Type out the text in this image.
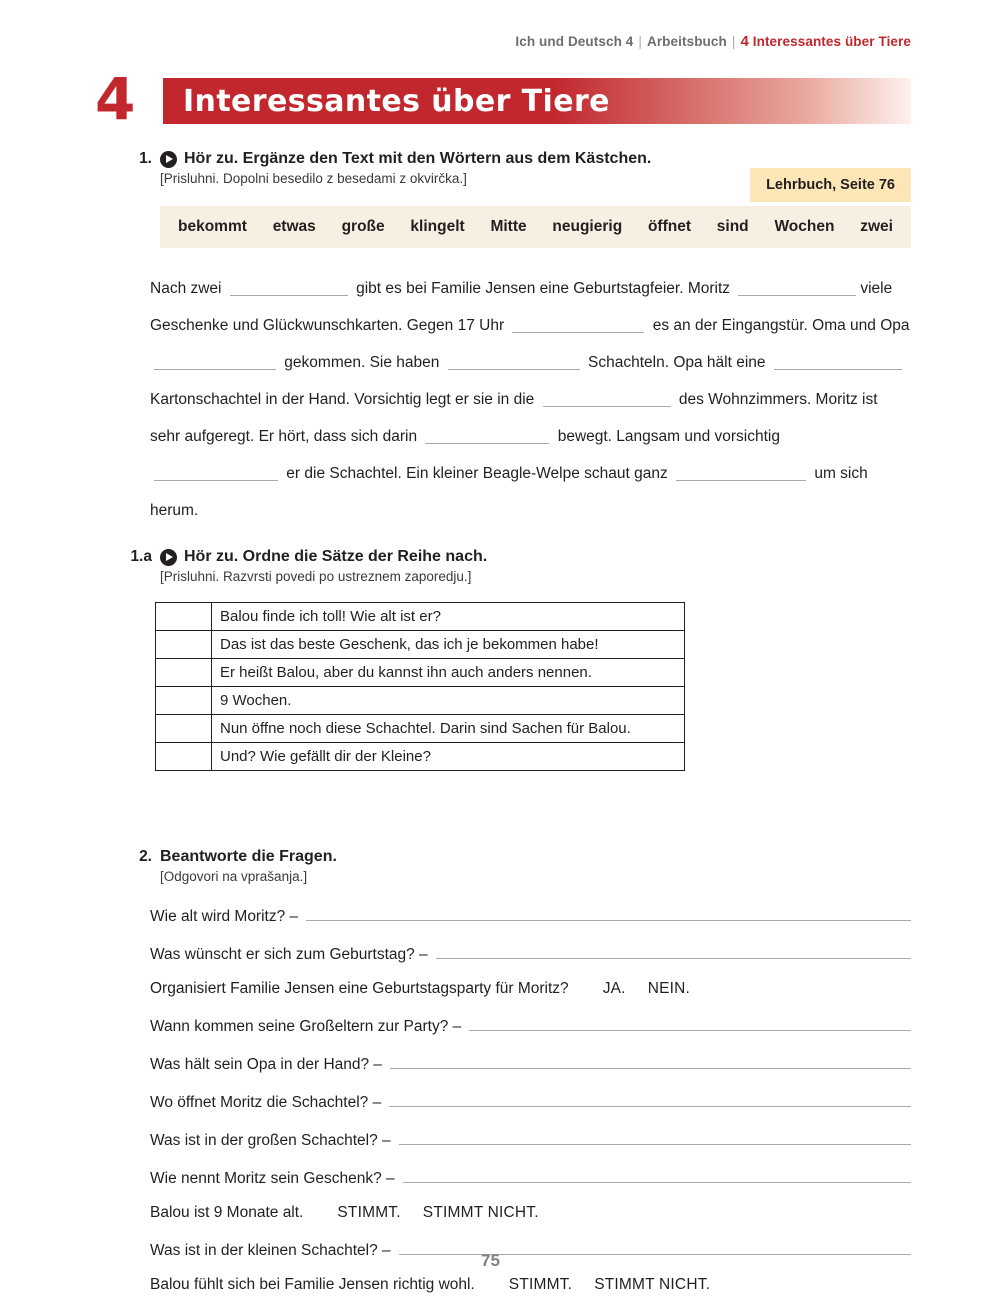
Ich und Deutsch 4 | Arbeitsbuch | 4 Interessantes über Tiere
4	Interessantes über Tiere
Lehrbuch, Seite 76
1. Hör zu. Ergänze den Text mit den Wörtern aus dem Kästchen.
[Prisluhni. Dopolni besedilo z besedami z okvirčka.]
bekommt etwas große klingelt Mitte neugierig öffnet sind Wochen zwei
Nach zwei	gibt es bei Familie Jensen eine Geburtstagfeier. Moritz	viele Geschenke und Glückwunschkarten. Gegen 17 Uhr	es an der Eingangstür. Oma und Opa  gekommen. Sie haben	Schachteln. Opa hält eine  Kartonschachtel in der Hand. Vorsichtig legt er sie in die	des Wohnzimmers. Moritz ist sehr aufgeregt. Er hört, dass sich darin	bewegt. Langsam und vorsichtig  er die Schachtel. Ein kleiner Beagle-Welpe schaut ganz	um sich herum.
1.a Hör zu. Ordne die Sätze der Reihe nach.
[Prisluhni. Razvrsti povedi po ustreznem zaporedju.]
	Balou finde ich toll! Wie alt ist er?
	Das ist das beste Geschenk, das ich je bekommen habe!
	Er heißt Balou, aber du kannst ihn auch anders nennen.
	9 Wochen.
	Nun öffne noch diese Schachtel. Darin sind Sachen für Balou.
	Und? Wie gefällt dir der Kleine?
2. Beantworte die Fragen.
[Odgovori na vprašanja.]
Wie alt wird Moritz? –
Was wünscht er sich zum Geburtstag? –
Organisiert Familie Jensen eine Geburtstagsparty für Moritz? JA. NEIN.
Wann kommen seine Großeltern zur Party? –
Was hält sein Opa in der Hand? –
Wo öffnet Moritz die Schachtel? –
Was ist in der großen Schachtel? –
Wie nennt Moritz sein Geschenk? –
Balou ist 9 Monate alt. STIMMT. STIMMT NICHT.
Was ist in der kleinen Schachtel? –
Balou fühlt sich bei Familie Jensen richtig wohl. STIMMT. STIMMT NICHT.
75
